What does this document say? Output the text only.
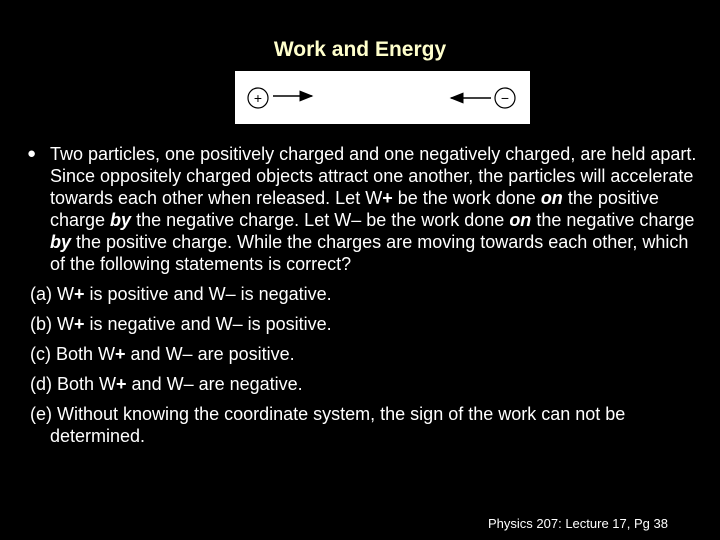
Work and Energy
+	−
● Two particles, one positively charged and one negatively charged, are held apart. Since oppositely charged objects attract one another, the particles will accelerate towards each other when released. Let W+ be the work done on the positive charge by the negative charge. Let W– be the work done on the negative charge by the positive charge. While the charges are moving towards each other, which of the following statements is correct?
(a) W+ is positive and W– is negative.
(b) W+ is negative and W– is positive.
(c) Both W+ and W– are positive.
(d) Both W+ and W– are negative.
(e) Without knowing the coordinate system, the sign of the work can not be determined.
Physics 207: Lecture 17, Pg 38
